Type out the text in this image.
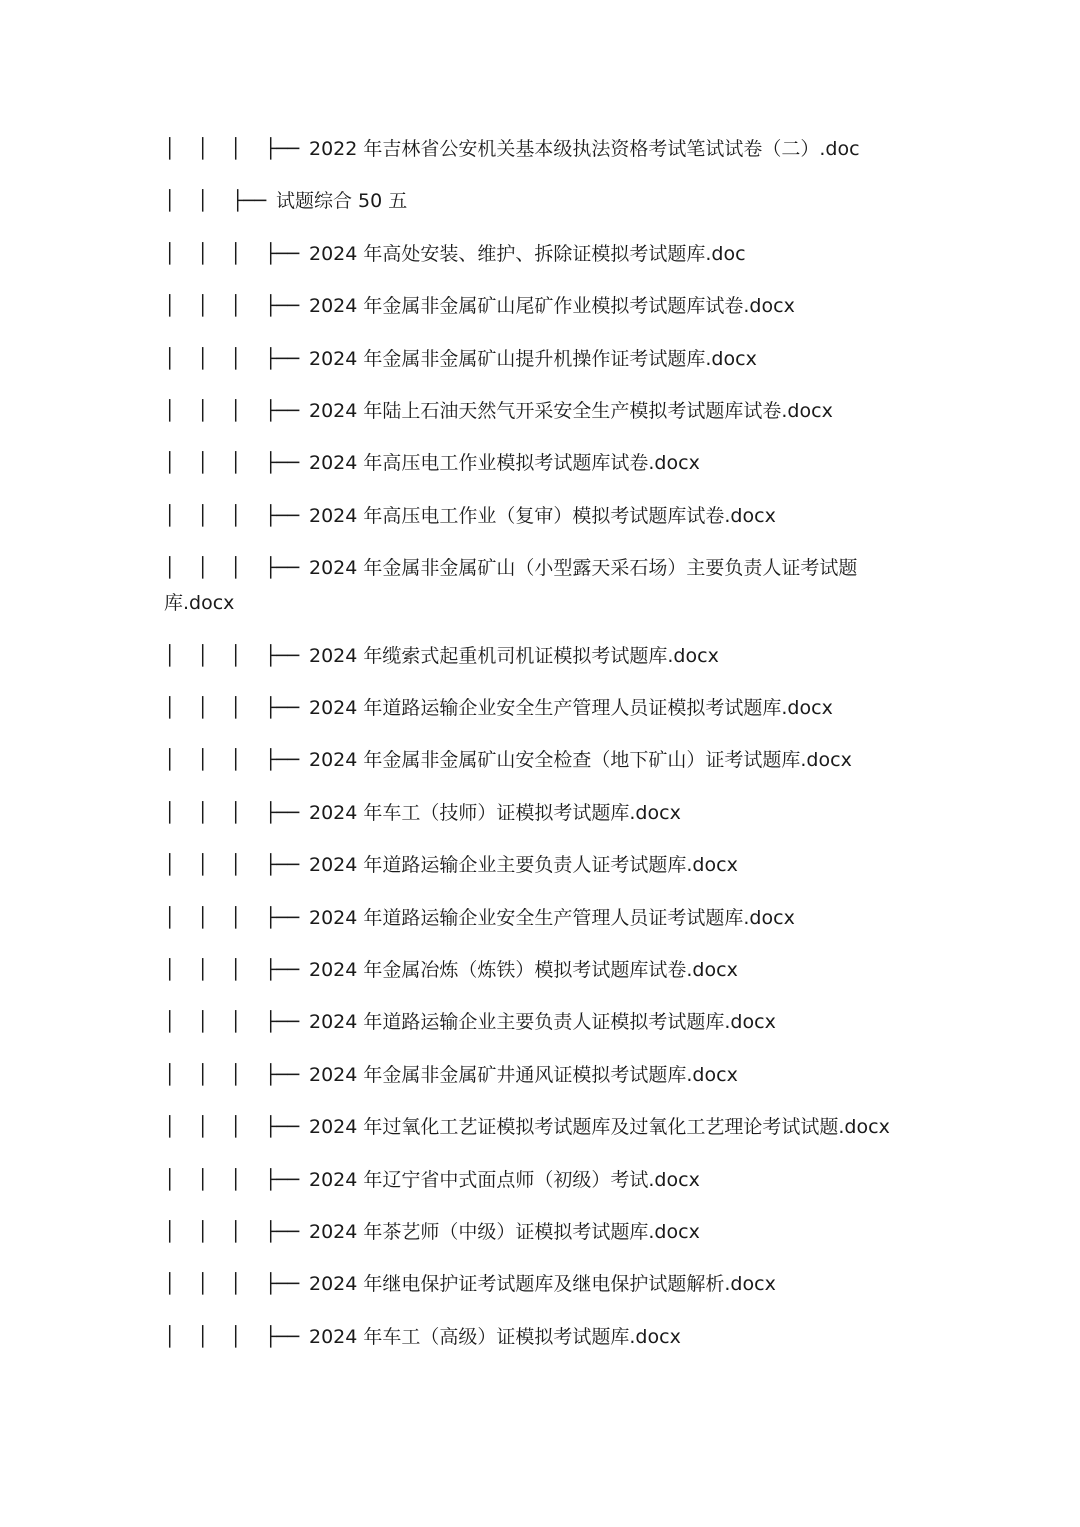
│ │ │ ├── 2022 年吉林省公安机关基本级执法资格考试笔试试卷（二）.doc
│ │ ├── 试题综合 50 五
│ │ │ ├── 2024 年高处安装、维护、拆除证模拟考试题库.doc
│ │ │ ├── 2024 年金属非金属矿山尾矿作业模拟考试题库试卷.docx
│ │ │ ├── 2024 年金属非金属矿山提升机操作证考试题库.docx
│ │ │ ├── 2024 年陆上石油天然气开采安全生产模拟考试题库试卷.docx
│ │ │ ├── 2024 年高压电工作业模拟考试题库试卷.docx
│ │ │ ├── 2024 年高压电工作业（复审）模拟考试题库试卷.docx
│ │ │ ├── 2024 年金属非金属矿山（小型露天采石场）主要负责人证考试题
库.docx
│ │ │ ├── 2024 年缆索式起重机司机证模拟考试题库.docx
│ │ │ ├── 2024 年道路运输企业安全生产管理人员证模拟考试题库.docx
│ │ │ ├── 2024 年金属非金属矿山安全检查（地下矿山）证考试题库.docx
│ │ │ ├── 2024 年车工（技师）证模拟考试题库.docx
│ │ │ ├── 2024 年道路运输企业主要负责人证考试题库.docx
│ │ │ ├── 2024 年道路运输企业安全生产管理人员证考试题库.docx
│ │ │ ├── 2024 年金属冶炼（炼铁）模拟考试题库试卷.docx
│ │ │ ├── 2024 年道路运输企业主要负责人证模拟考试题库.docx
│ │ │ ├── 2024 年金属非金属矿井通风证模拟考试题库.docx
│ │ │ ├── 2024 年过氧化工艺证模拟考试题库及过氧化工艺理论考试试题.docx
│ │ │ ├── 2024 年辽宁省中式面点师（初级）考试.docx
│ │ │ ├── 2024 年茶艺师（中级）证模拟考试题库.docx
│ │ │ ├── 2024 年继电保护证考试题库及继电保护试题解析.docx
│ │ │ ├── 2024 年车工（高级）证模拟考试题库.docx
